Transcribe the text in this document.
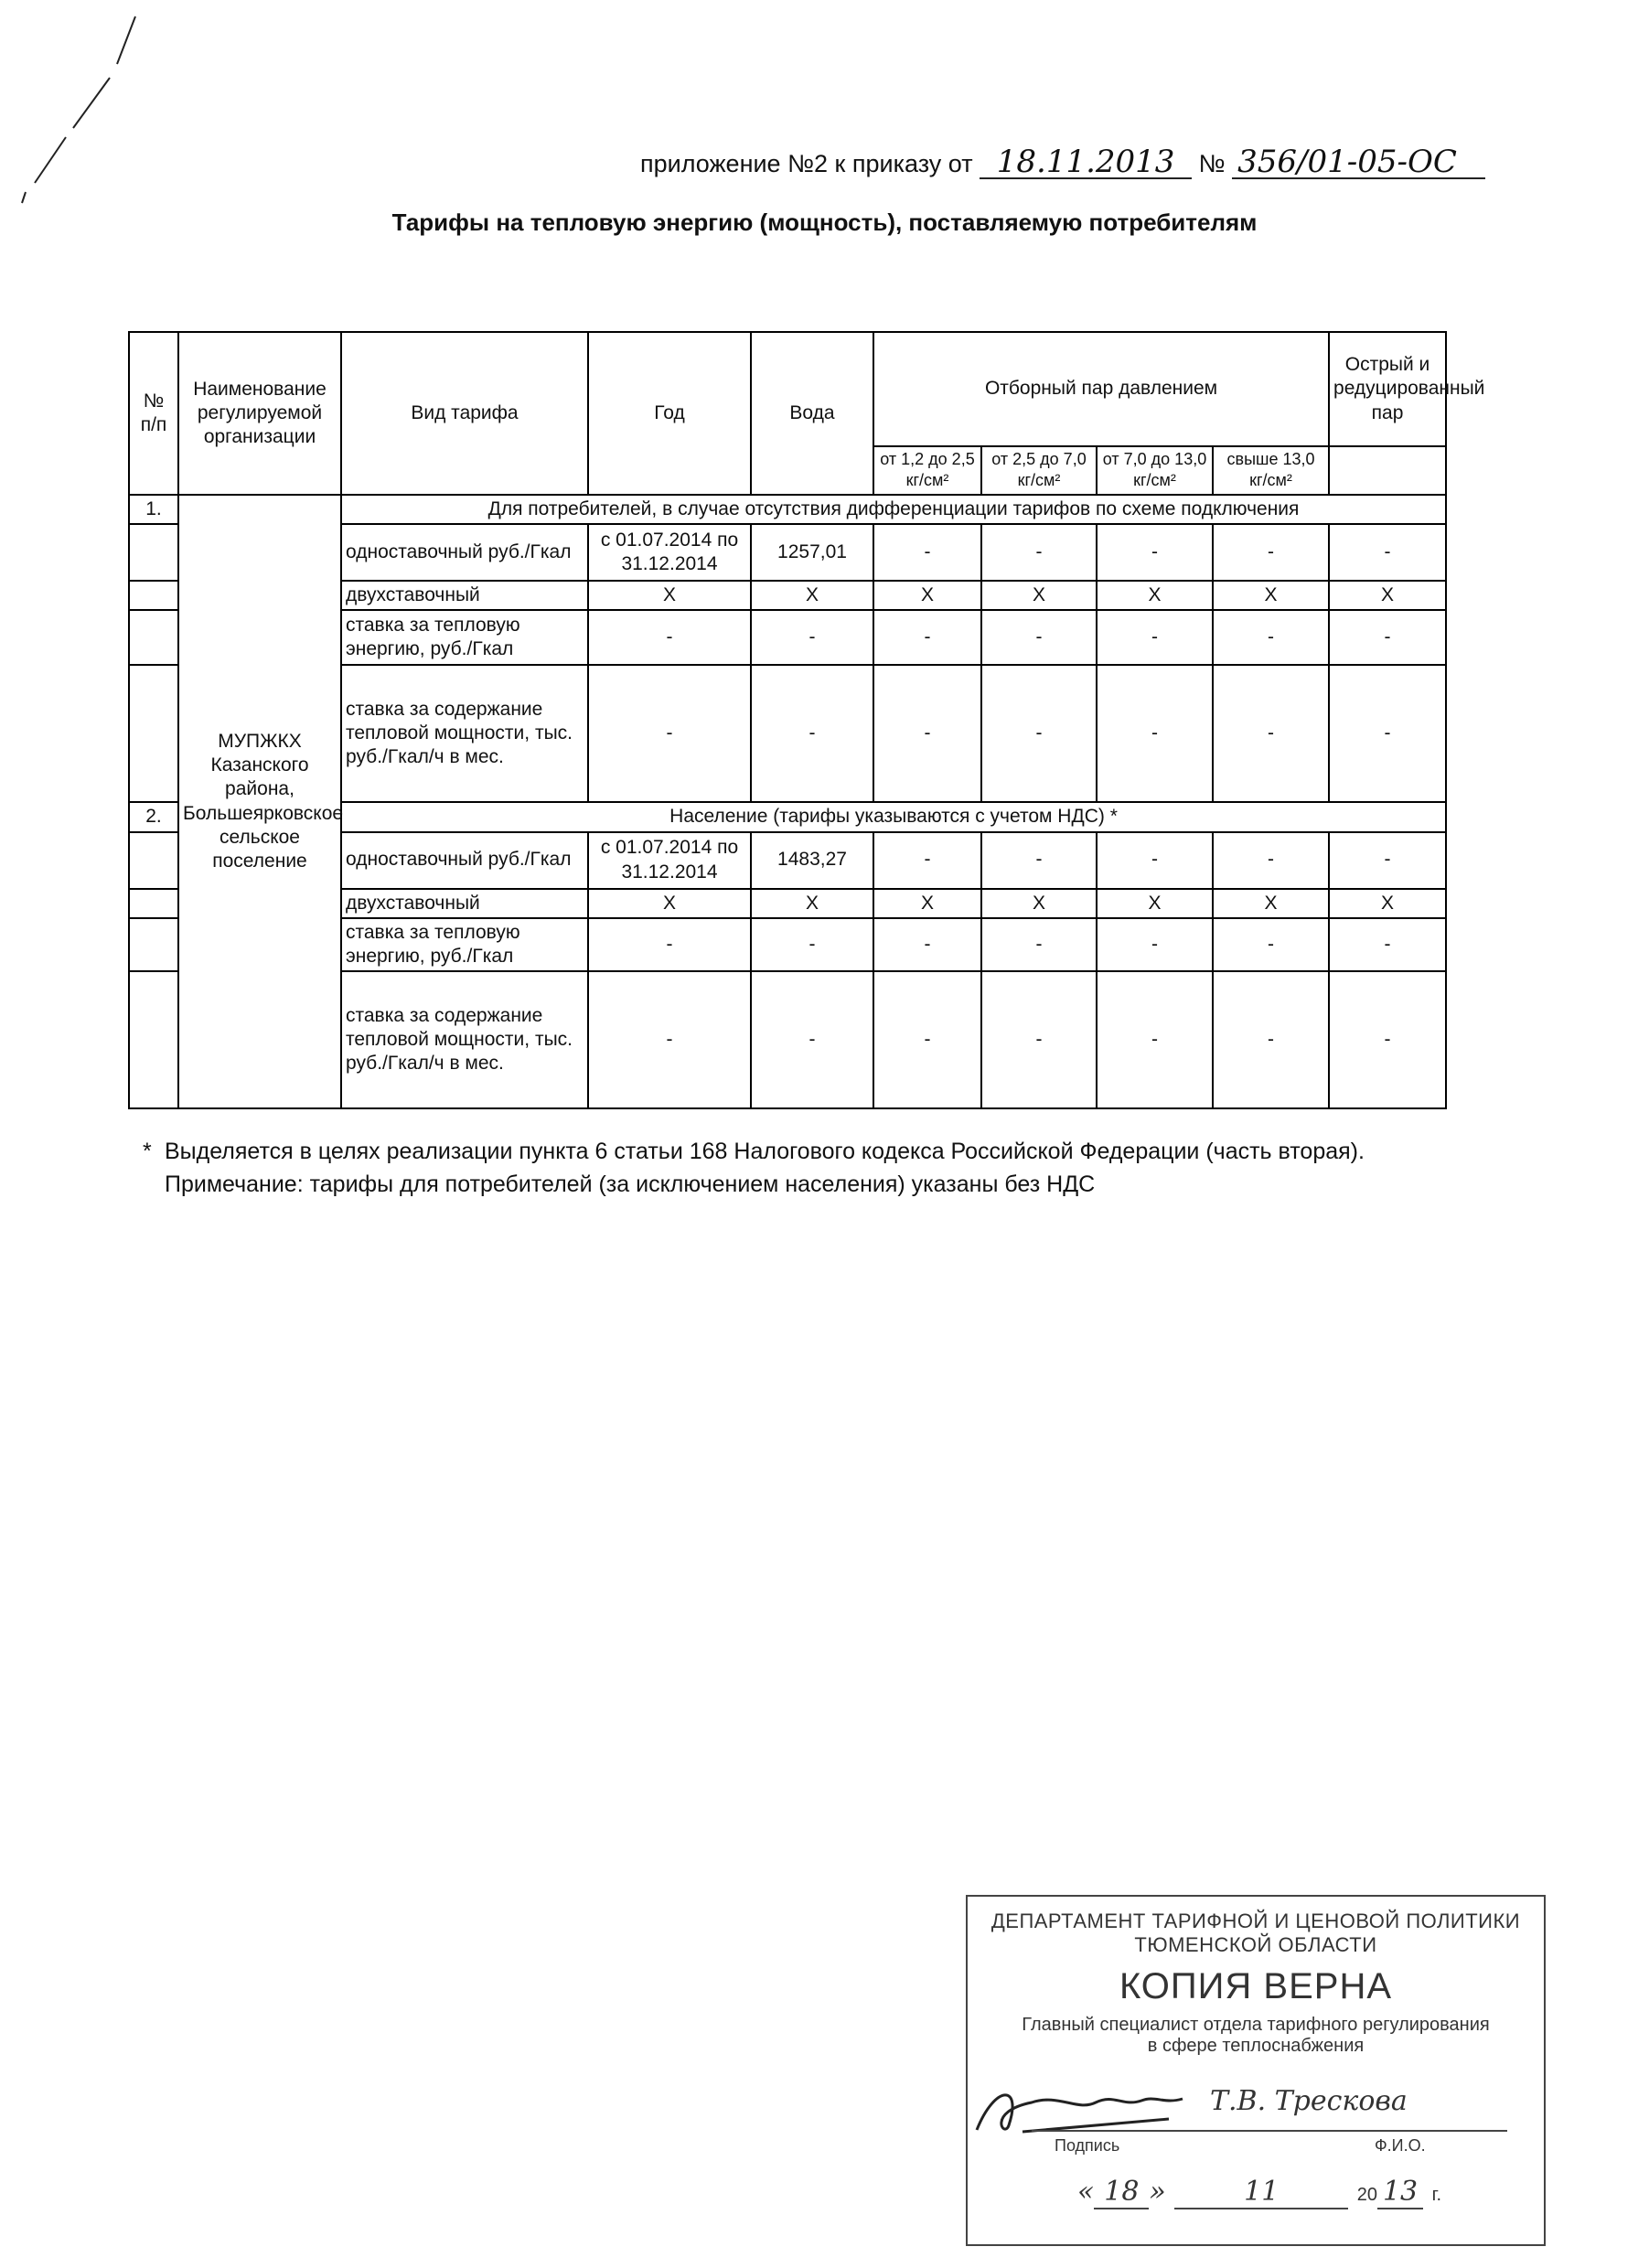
приложение №2 к приказу от 18.11.2013 № 356/01-05-ОС
Тарифы на тепловую энергию (мощность), поставляемую потребителям
№ п/п	Наименование регулируемой организации	Вид тарифа	Год	Вода	Отборный пар давлением				Острый и редуцированный пар
					от 1,2 до 2,5 кг/см²	от 2,5 до 7,0 кг/см²	от 7,0 до 13,0 кг/см²	свыше 13,0 кг/см²	
1.	МУПЖКХ Казанского района, Большеярковское сельское поселение	Для потребителей, в случае отсутствия дифференциации тарифов по схеме подключения							
		одноставочный руб./Гкал	с 01.07.2014 по 31.12.2014	1257,01	-	-	-	-	-
		двухставочный	X	X	X	X	X	X	X
		ставка за тепловую энергию, руб./Гкал	-	-	-	-	-	-	-
		ставка за содержание тепловой мощности, тыс. руб./Гкал/ч в мес.	-	-	-	-	-	-	-
2.		Население (тарифы указываются с учетом НДС) *							
		одноставочный руб./Гкал	с 01.07.2014 по 31.12.2014	1483,27	-	-	-	-	-
		двухставочный	X	X	X	X	X	X	X
		ставка за тепловую энергию, руб./Гкал	-	-	-	-	-	-	-
		ставка за содержание тепловой мощности, тыс. руб./Гкал/ч в мес.	-	-	-	-	-	-	-
* Выделяется в целях реализации пункта 6 статьи 168 Налогового кодекса Российской Федерации (часть вторая).
Примечание: тарифы для потребителей (за исключением населения) указаны без НДС
ДЕПАРТАМЕНТ ТАРИФНОЙ И ЦЕНОВОЙ ПОЛИТИКИ
ТЮМЕНСКОЙ ОБЛАСТИ
КОПИЯ ВЕРНА
Главный специалист отдела тарифного регулирования
в сфере теплоснабжения
Т.В. Трескова
Подпись	Ф.И.О.
« 18 »	11	20 13 г.
